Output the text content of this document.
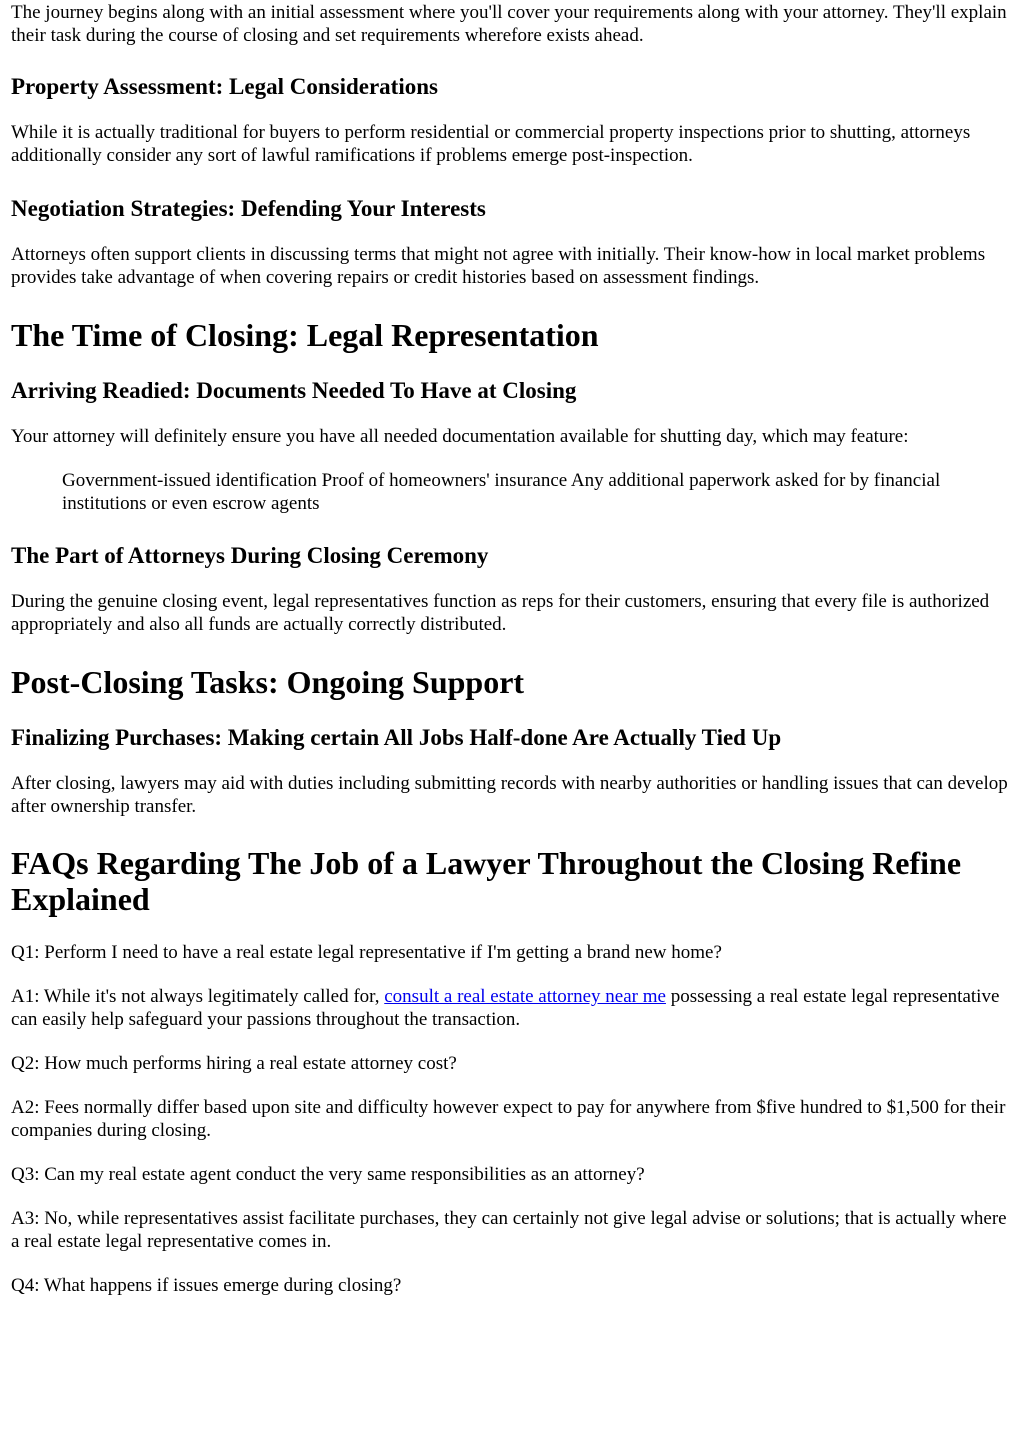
The journey begins along with an initial assessment where you'll cover your requirements along with your attorney. They'll explain their task during the course of closing and set requirements wherefore exists ahead.

Property Assessment: Legal Considerations

While it is actually traditional for buyers to perform residential or commercial property inspections prior to shutting, attorneys additionally consider any sort of lawful ramifications if problems emerge post-inspection.

Negotiation Strategies: Defending Your Interests

Attorneys often support clients in discussing terms that might not agree with initially. Their know-how in local market problems provides take advantage of when covering repairs or credit histories based on assessment findings.

The Time of Closing: Legal Representation
Arriving Readied: Documents Needed To Have at Closing

Your attorney will definitely ensure you have all needed documentation available for shutting day, which may feature:

Government-issued identification Proof of homeowners' insurance Any additional paperwork asked for by financial institutions or even escrow agents
The Part of Attorneys During Closing Ceremony

During the genuine closing event, legal representatives function as reps for their customers, ensuring that every file is authorized appropriately and also all funds are actually correctly distributed.

Post-Closing Tasks: Ongoing Support
Finalizing Purchases: Making certain All Jobs Half-done Are Actually Tied Up

After closing, lawyers may aid with duties including submitting records with nearby authorities or handling issues that can develop after ownership transfer.

FAQs Regarding The Job of a Lawyer Throughout the Closing Refine Explained

Q1: Perform I need to have a real estate legal representative if I'm getting a brand new home?

A1: While it's not always legitimately called for, consult a real estate attorney near me possessing a real estate legal representative can easily help safeguard your passions throughout the transaction.

Q2: How much performs hiring a real estate attorney cost?

A2: Fees normally differ based upon site and difficulty however expect to pay for anywhere from $five hundred to $1,500 for their companies during closing.

Q3: Can my real estate agent conduct the very same responsibilities as an attorney?

A3: No, while representatives assist facilitate purchases, they can certainly not give legal advise or solutions; that is actually where a real estate legal representative comes in.

Q4: What happens if issues emerge during closing?
